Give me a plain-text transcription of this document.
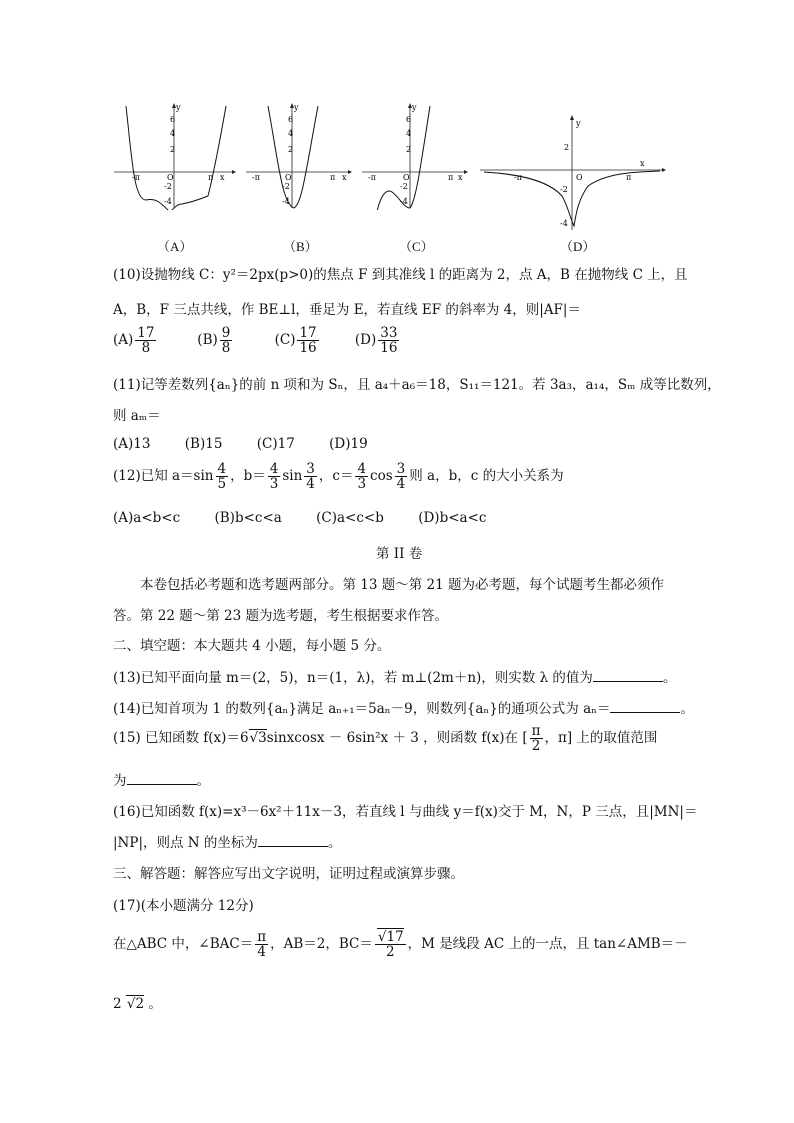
6
4
2
-2
-4
-π	O	π x
y
（A）
6
4
2
-2
-4
-π	O	π x
y
（B）
6
4
2
-2
-4
-π	O	π x
y
（C）
2
-2
-4
-π	O	π
x
y
（D）
(10)设抛物线 C：y²＝2px(p>0)的焦点 F 到其准线 l 的距离为 2，点 A，B 在抛物线 C 上，且
A，B，F 三点共线，作 BE⊥l，垂足为 E，若直线 EF 的斜率为 4，则|AF|＝
$(A) \frac{17}{8}$	$(B) \frac{9}{8}$	$(C) \frac{17}{16}$	$(D) \frac{33}{16}$
(11)记等差数列{aₙ}的前 n 项和为 Sₙ，且 a₄＋a₆＝18，S₁₁＝121。若 3a₃，a₁₄，Sₘ 成等比数列，
则 aₘ＝
(A)13        (B)15        (C)17        (D)19
(12)已知 $a=\sin \frac{4}{5}$ ，$b= \frac{4}{3}$ $\sin \frac{3}{4}$ ，$c= \frac{4}{3}$ $\cos \frac{3}{4}$ 则 a，b，c 的大小关系为
(A)a<b<c        (B)b<c<a        (C)a<c<b        (D)b<a<c
第 II 卷
本卷包括必考题和选考题两部分。第 13 题～第 21 题为必考题，每个试题考生都必须作
答。第 22 题～第 23 题为选考题，考生根据要求作答。
二、填空题：本大题共 4 小题，每小题 5 分。
(13)已知平面向量 m＝(2，5)，n＝(1，λ)，若 m⊥(2m＋n)，则实数 λ 的值为	。
(14)已知首项为 1 的数列{aₙ}满足 aₙ₊₁＝5aₙ－9，则数列{aₙ}的通项公式为 aₙ＝	。
(15) 已知函数 f(x)＝6√3sinxcosx － 6sin²x ＋ 3 ，则函数 f(x)在 [ $\frac{\pi}{2}$ ，π] 上的取值范围
为	。
(16)已知函数 f(x)=x³－6x²＋11x－3，若直线 l 与曲线 y＝f(x)交于 M，N，P 三点，且|MN|＝
|NP|，则点 N 的坐标为	。
三、解答题：解答应写出文字说明，证明过程或演算步骤。
(17)(本小题满分 12分)
在△ABC 中，∠BAC＝ $\frac{\pi}{4}$ ，AB＝2，$BC= \frac{√17}{2}$ ，M 是线段 AC 上的一点，且 tan∠AMB＝－
2 √2 。
